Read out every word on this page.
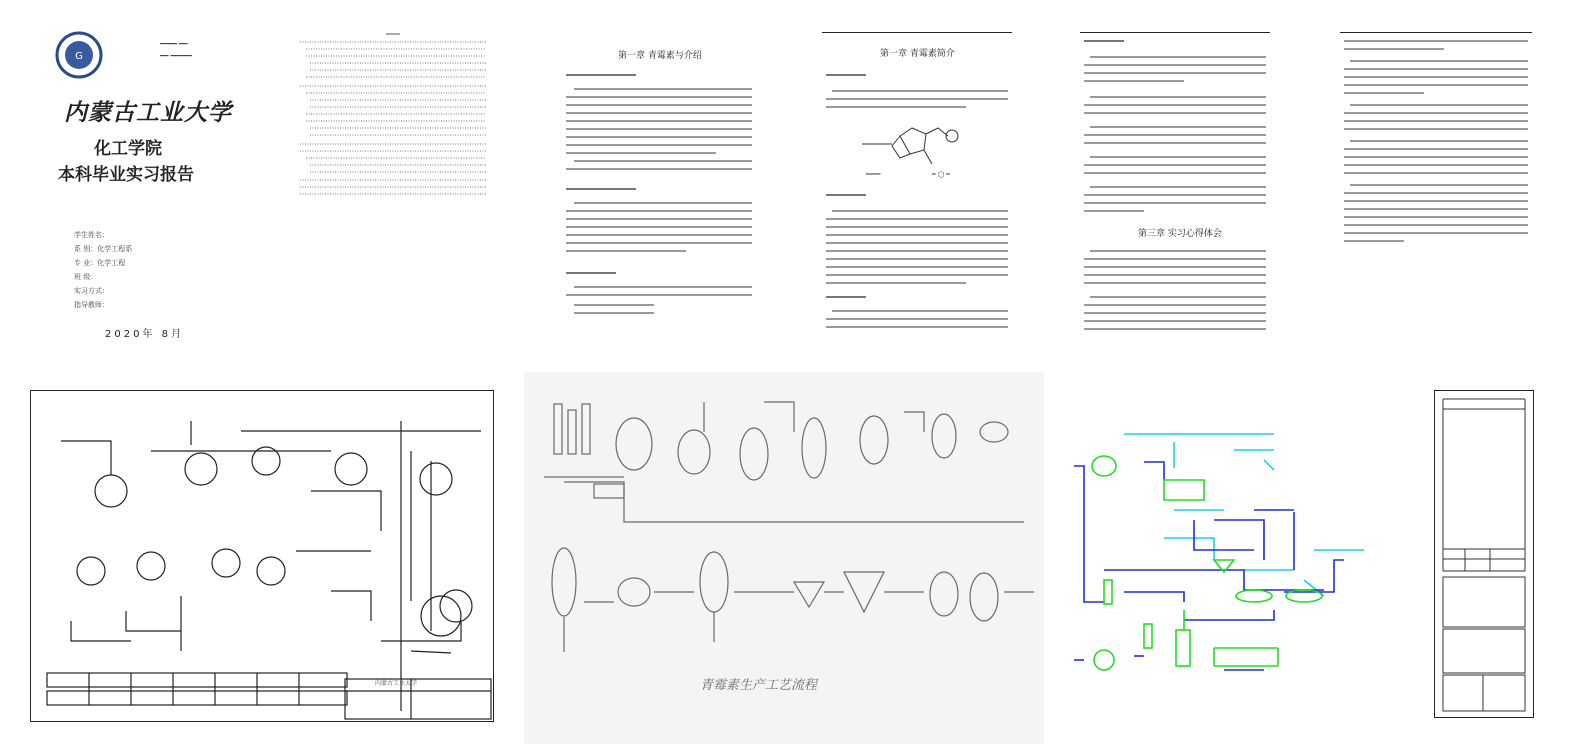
G
━━━━ ━━
━━ ━━━━━
内蒙古工业大学
化工学院
本科毕业实习报告
学生姓名：
系 别：化学工程系
专 业：化学工程
班 级：
实习方式：
指导教师：
2020年 8月
第一章 青霉素与介绍	第一章 青霉素简介
━━━━	━ ◯ ━
第三章 实习心得体会
内蒙古工业大学	青霉素生产工艺流程
